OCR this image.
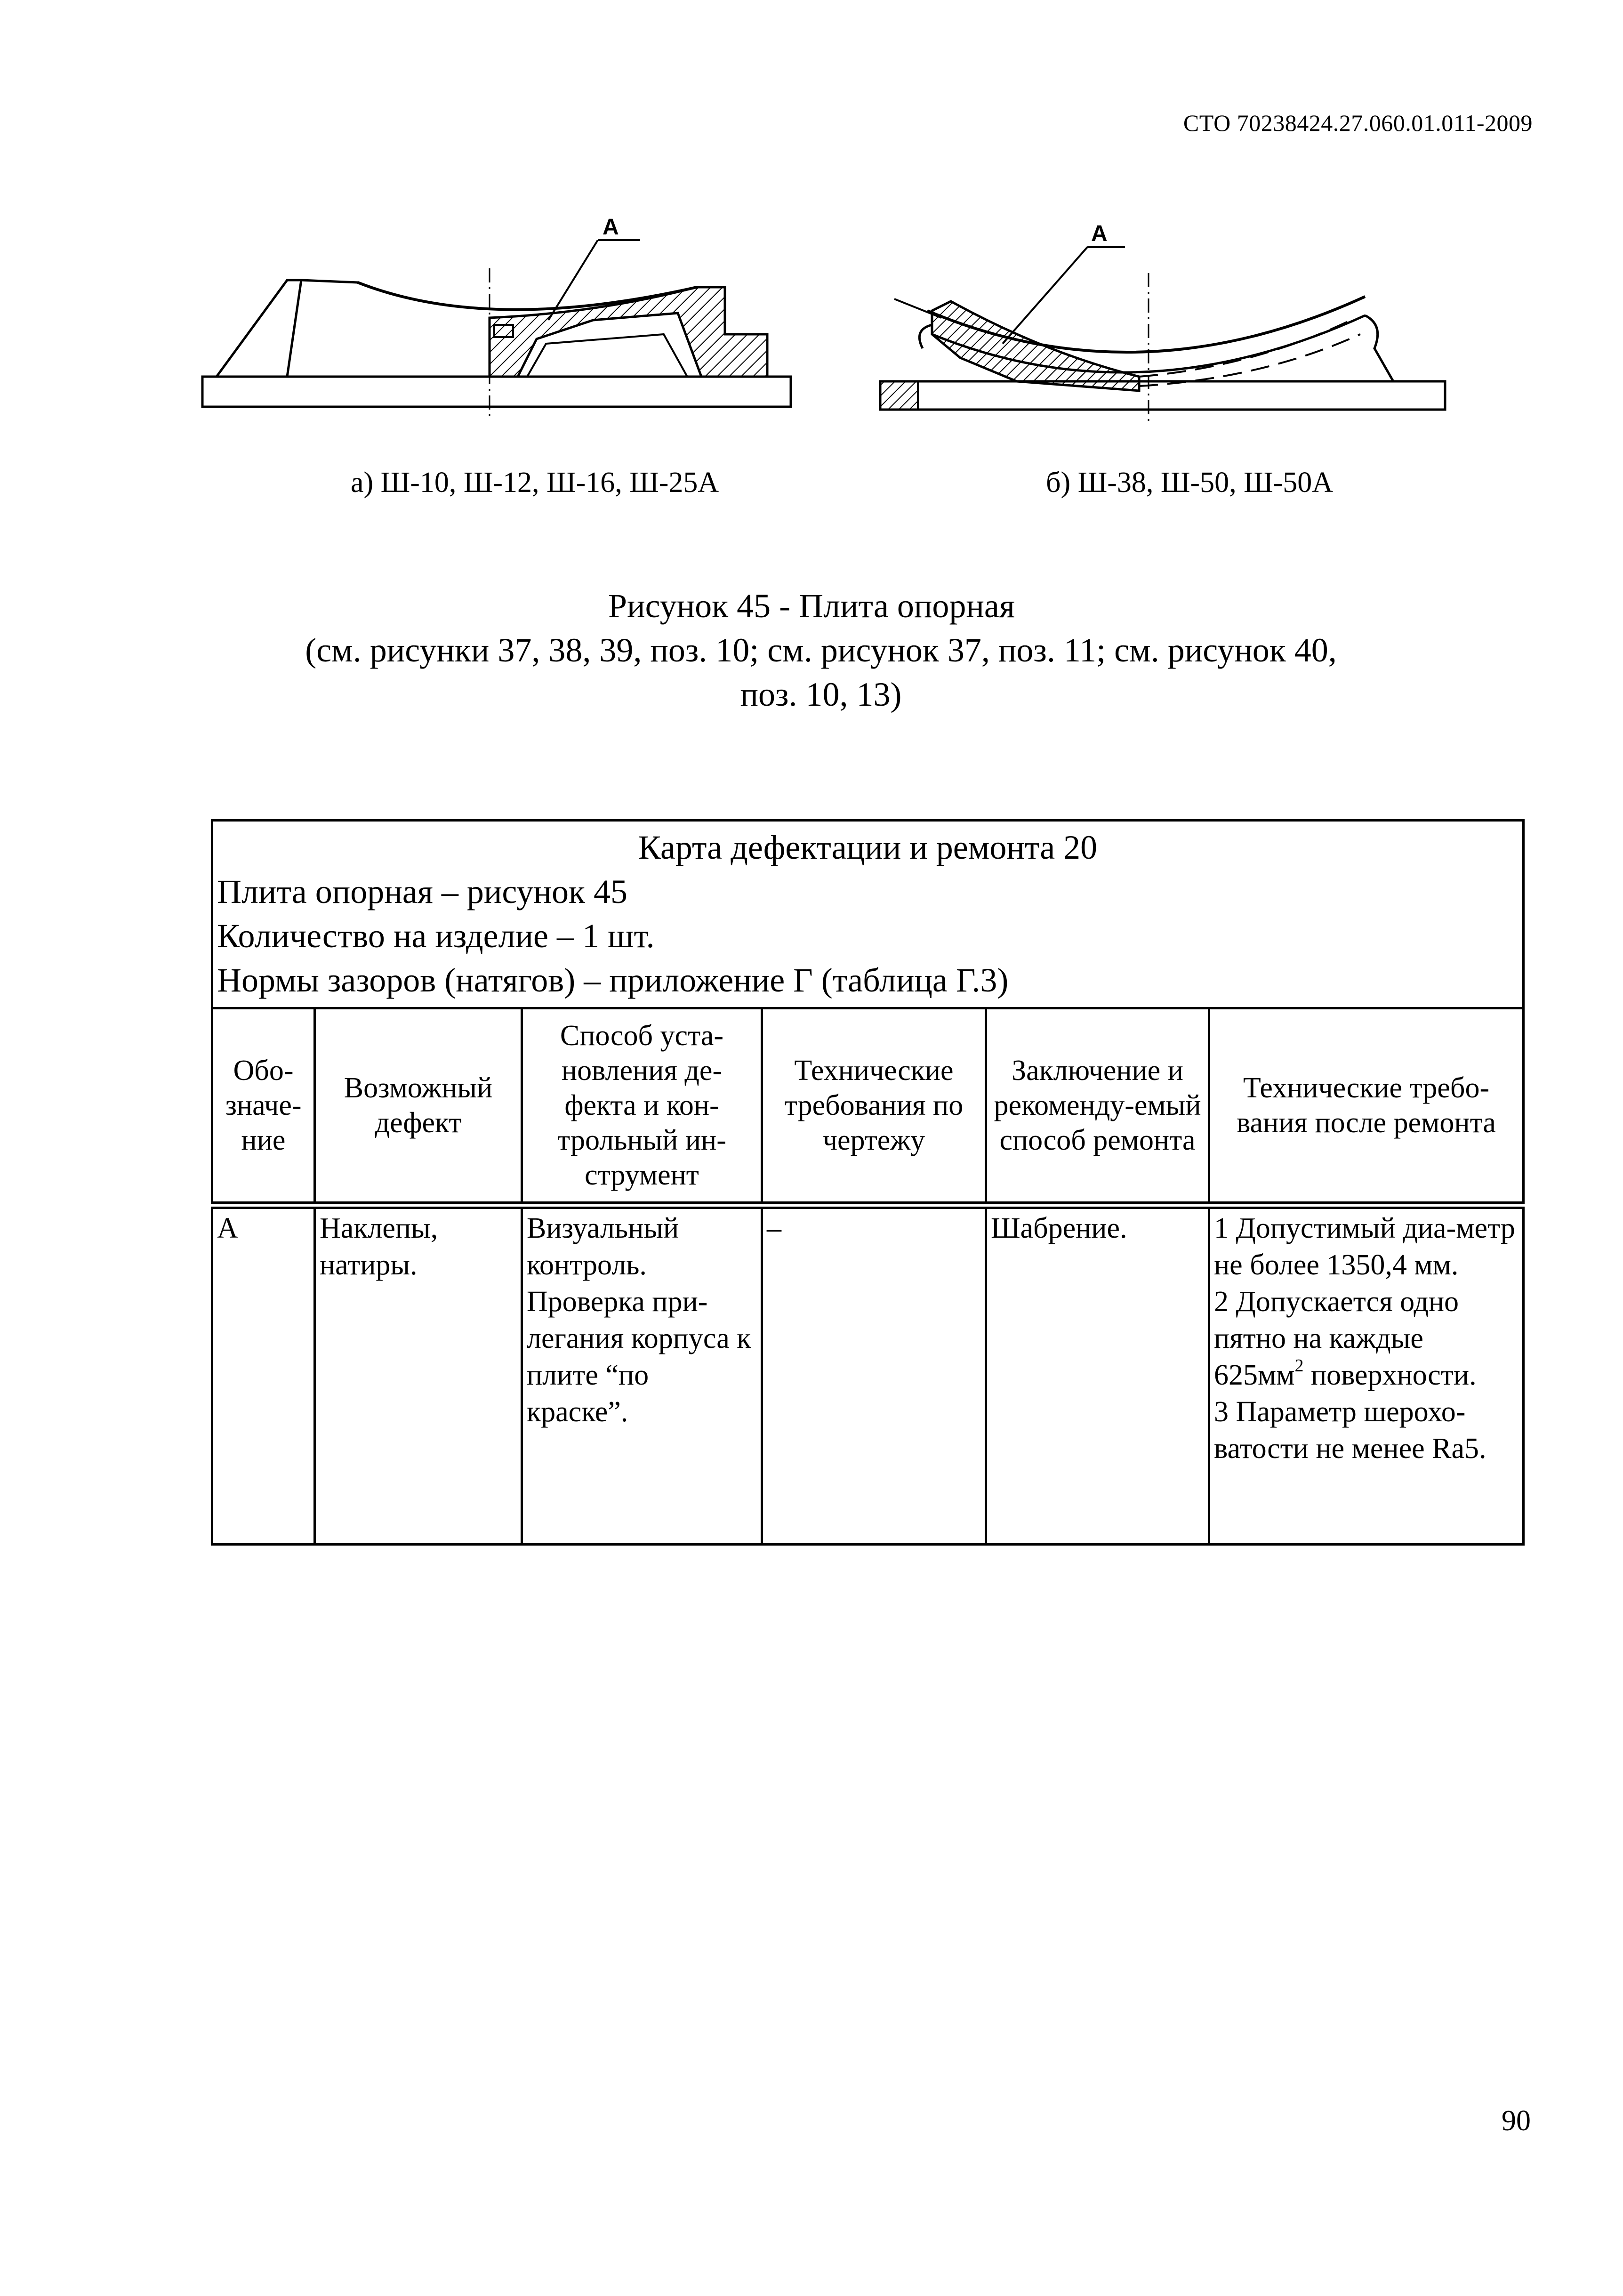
СТО 70238424.27.060.01.011-2009
А	А
а) Ш-10, Ш-12, Ш-16, Ш-25А	б) Ш-38, Ш-50, Ш-50А
Рисунок 45 - Плита опорная
(см. рисунки 37, 38, 39, поз. 10; см. рисунок 37, поз. 11; см. рисунок 40,
поз. 10, 13)
Карта дефектации и ремонта 20
Плита опорная – рисунок 45
Количество на изделие – 1 шт.
Нормы зазоров (натягов) – приложение Г (таблица Г.3)					

Обо-значе-ние	Возможный дефект	Способ уста-новления де-фекта и кон-трольный ин-струмент	Технические требования по чертежу	Заключение и рекоменду-емый способ ремонта	Технические требо-вания после ремонта
А	Наклепы, натиры.	Визуальный контроль. Проверка при-легания корпуса к плите “по краске”.	–	Шабрение.	1 Допустимый диа-метр не более 1350,4 мм.
2 Допускается одно пятно на каждые $625мм^2$ поверхности.
3 Параметр шерохо-ватости не менее Ra5.
90
